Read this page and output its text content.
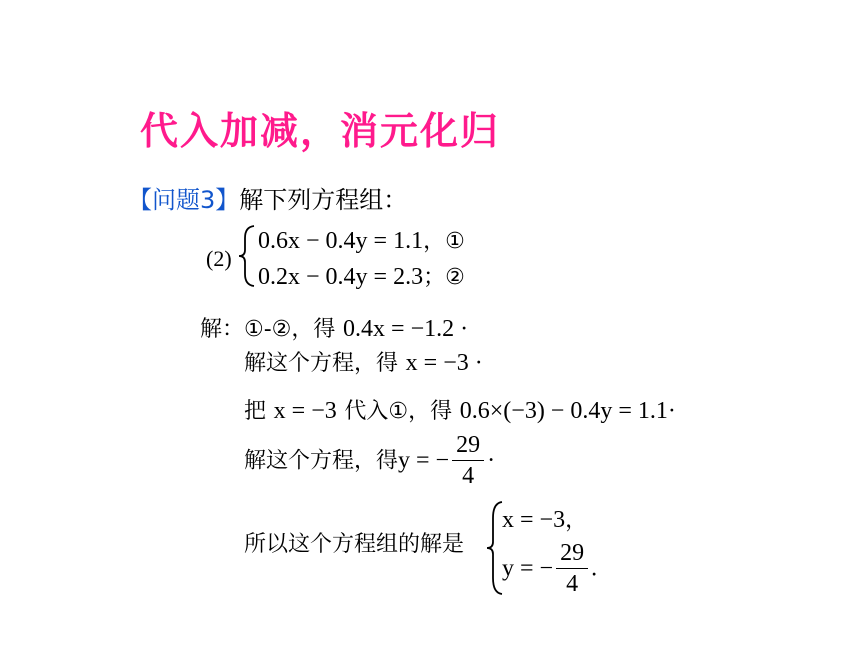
代入加减，消元化归
【问题3】解下列方程组：
(2)
0.6x − 0.4y = 1.1，①
0.2x − 0.4y = 2.3；②
解：①-②，得 0.4x = −1.2 ·
解这个方程，得 x = −3 ·
把 x = −3 代入①，得 0.6×(−3) − 0.4y = 1.1·
解这个方程，得y = − $\frac{29}{4}$ ·
所以这个方程组的解是
x = −3，
y = − $\frac{29}{4}$ .
